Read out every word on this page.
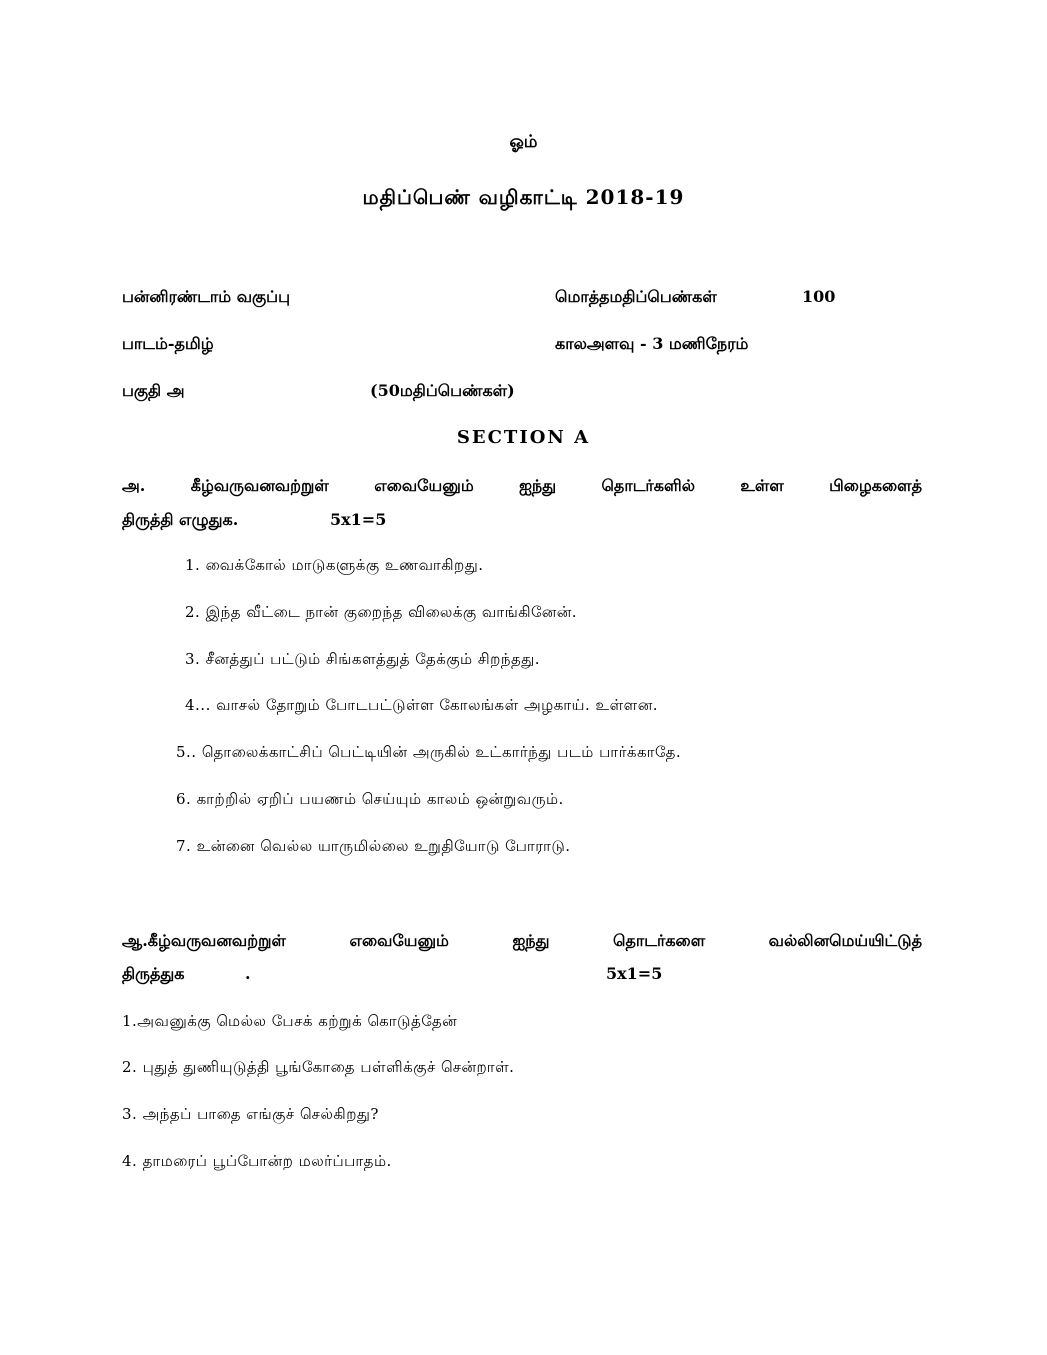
ஓம்
மதிப்பெண் வழிகாட்டி 2018-19
பன்னிரண்டாம் வகுப்பு	மொத்தமதிப்பெண்கள்	100
பாடம்-தமிழ்	காலஅளவு - 3 மணிநேரம்
பகுதி அ	(50மதிப்பெண்கள்)
SECTION A
அ.	கீழ்வருவனவற்றுள்	எவையேனும்	ஐந்து	தொடர்களில்	உள்ள	பிழைகளைத்
திருத்தி எழுதுக.	5x1=5
1. வைக்கோல் மாடுகளுக்கு உணவாகிறது.
2. இந்த வீட்டை நான் குறைந்த விலைக்கு வாங்கினேன்.
3. சீனத்துப் பட்டும் சிங்களத்துத் தேக்கும் சிறந்தது.
4... வாசல் தோறும் போடபட்டுள்ள கோலங்கள் அழகாய். உள்ளன.
5.. தொலைக்காட்சிப் பெட்டியின் அருகில் உட்கார்ந்து படம் பார்க்காதே.
6. காற்றில் ஏறிப் பயணம் செய்யும் காலம் ஒன்றுவரும்.
7. உன்னை வெல்ல யாருமில்லை உறுதியோடு போராடு.
ஆ.கீழ்வருவனவற்றுள்	எவையேனும்	ஐந்து	தொடர்களை	வல்லினமெய்யிட்டுத்
திருத்துக	.	5x1=5
1.அவனுக்கு மெல்ல பேசக் கற்றுக் கொடுத்தேன்
2. புதுத் துணியுடுத்தி பூங்கோதை பள்ளிக்குச் சென்றாள்.
3. அந்தப் பாதை எங்குச் செல்கிறது?
4. தாமரைப் பூப்போன்ற மலர்ப்பாதம்.
